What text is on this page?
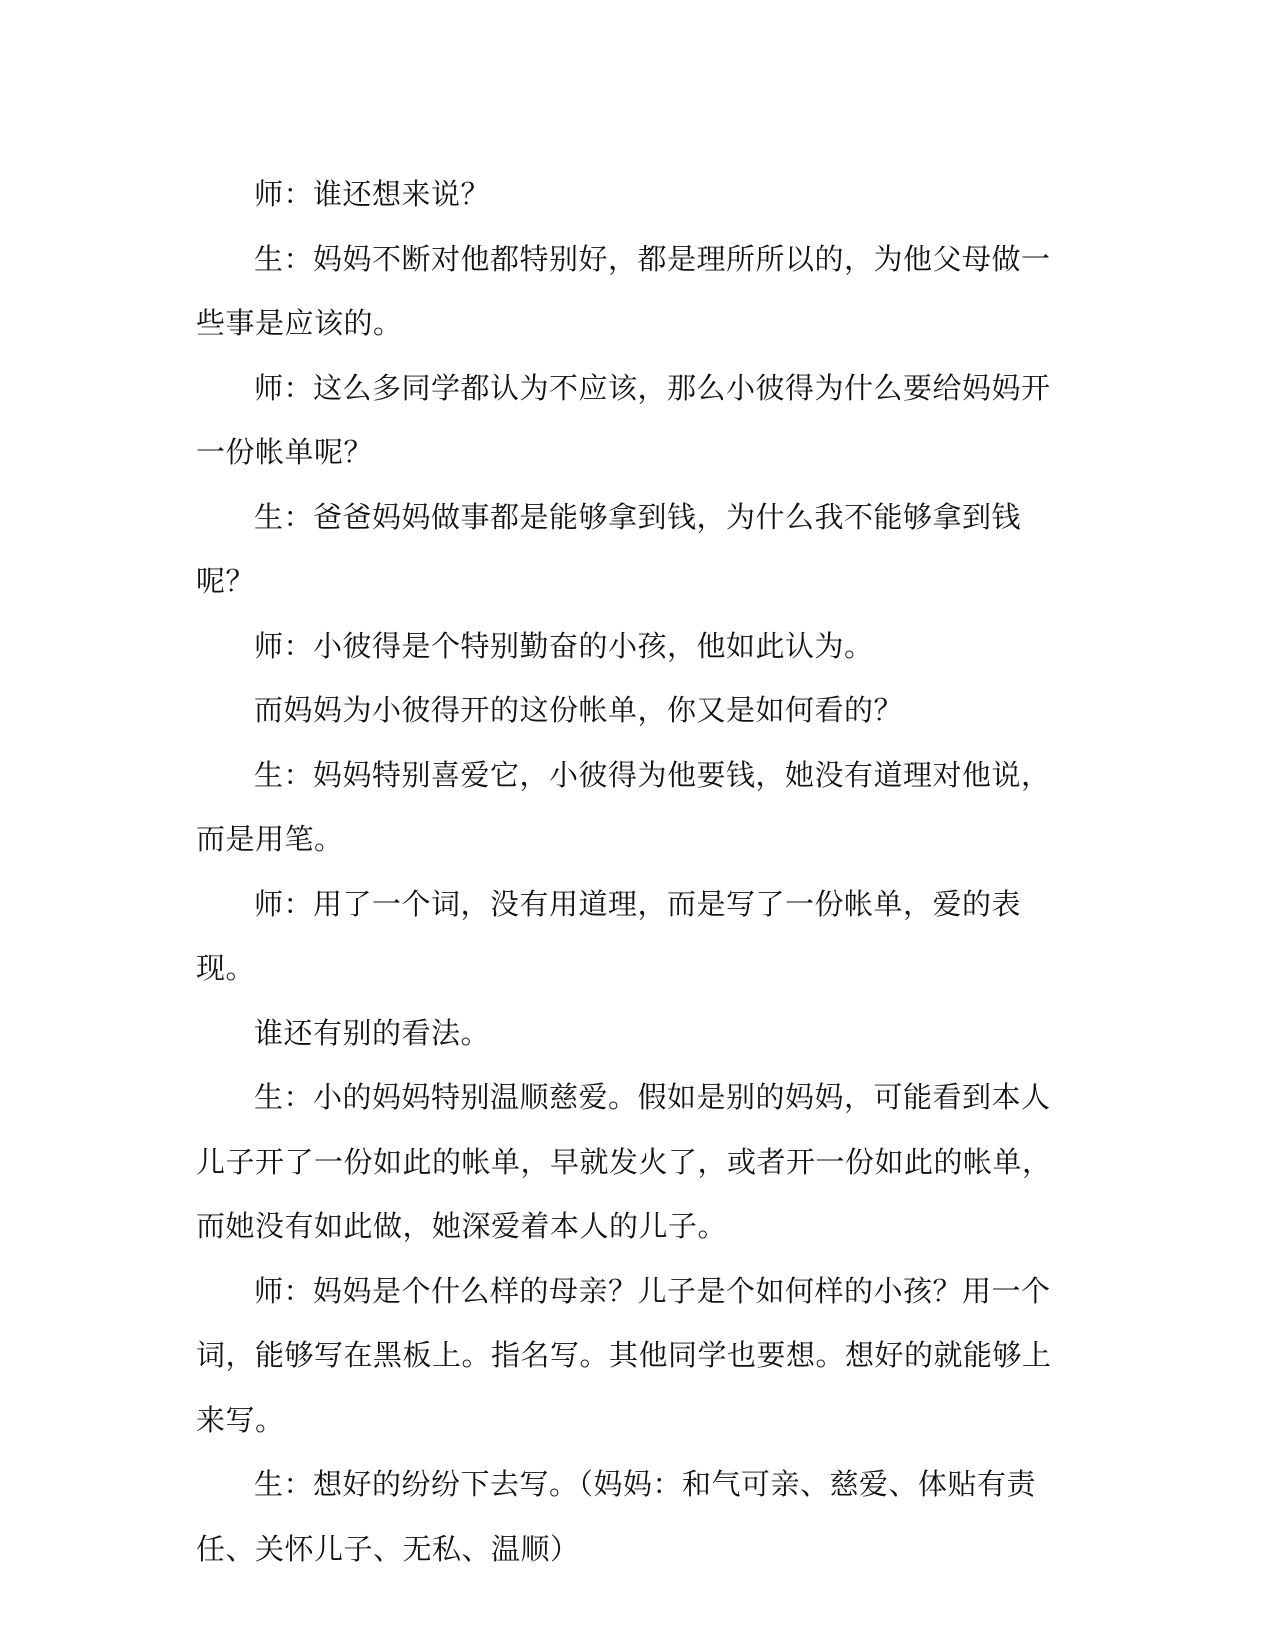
师：谁还想来说？

生：妈妈不断对他都特别好，都是理所所以的，为他父母做一些事是应该的。

师：这么多同学都认为不应该，那么小彼得为什么要给妈妈开一份帐单呢？

生：爸爸妈妈做事都是能够拿到钱，为什么我不能够拿到钱呢？

师：小彼得是个特别勤奋的小孩，他如此认为。

而妈妈为小彼得开的这份帐单，你又是如何看的？

生：妈妈特别喜爱它，小彼得为他要钱，她没有道理对他说，而是用笔。

师：用了一个词，没有用道理，而是写了一份帐单，爱的表现。

谁还有别的看法。

生：小的妈妈特别温顺慈爱。假如是别的妈妈，可能看到本人儿子开了一份如此的帐单，早就发火了，或者开一份如此的帐单，而她没有如此做，她深爱着本人的儿子。

师：妈妈是个什么样的母亲？儿子是个如何样的小孩？用一个词，能够写在黑板上。指名写。其他同学也要想。想好的就能够上来写。

生：想好的纷纷下去写。（妈妈：和气可亲、慈爱、体贴有责任、关怀儿子、无私、温顺）
